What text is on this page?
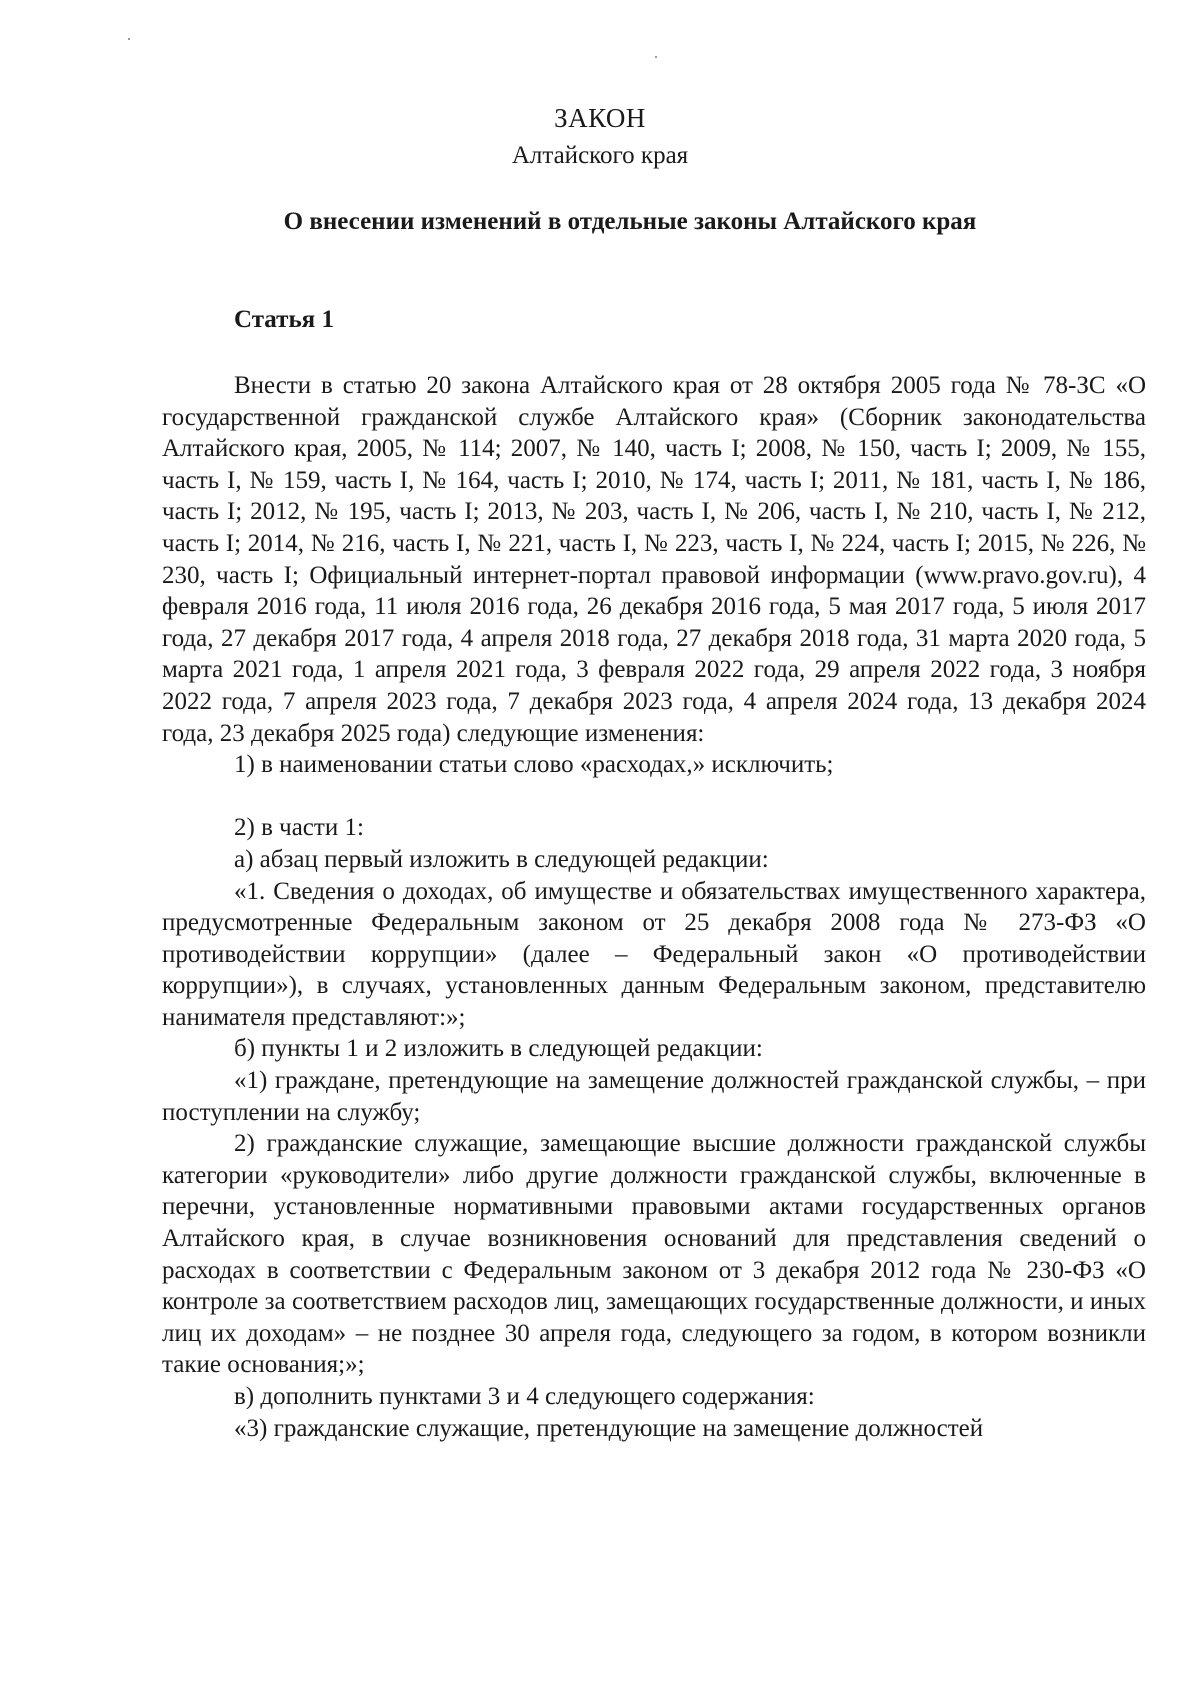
ЗАКОН
Алтайского края
О внесении изменений в отдельные законы Алтайского края
Статья 1

Внести в статью 20 закона Алтайского края от 28 октября 2005 года № 78-ЗС «О государственной гражданской службе Алтайского края» (Сборник законодательства Алтайского края, 2005, № 114; 2007, № 140, часть I; 2008, № 150, часть I; 2009, № 155, часть I, № 159, часть I, № 164, часть I; 2010, № 174, часть I; 2011, № 181, часть I, № 186, часть I; 2012, № 195, часть I; 2013, № 203, часть I, № 206, часть I, № 210, часть I, № 212, часть I; 2014, № 216, часть I, № 221, часть I, № 223, часть I, № 224, часть I; 2015, № 226, № 230, часть I; Официальный интернет-портал правовой информации (www.pravo.gov.ru), 4 февраля 2016 года, 11 июля 2016 года, 26 декабря 2016 года, 5 мая 2017 года, 5 июля 2017 года, 27 декабря 2017 года, 4 апреля 2018 года, 27 декабря 2018 года, 31 марта 2020 года, 5 марта 2021 года, 1 апреля 2021 года, 3 февраля 2022 года, 29 апреля 2022 года, 3 ноября 2022 года, 7 апреля 2023 года, 7 декабря 2023 года, 4 апреля 2024 года, 13 декабря 2024 года, 23 декабря 2025 года) следующие изменения:

1) в наименовании статьи слово «расходах,» исключить;

2) в части 1:

а) абзац первый изложить в следующей редакции:

«1. Сведения о доходах, об имуществе и обязательствах имущественного характера, предусмотренные Федеральным законом от 25 декабря 2008 года № 273-ФЗ «О противодействии коррупции» (далее – Федеральный закон «О противодействии коррупции»), в случаях, установленных данным Федеральным законом, представителю нанимателя представляют:»;

б) пункты 1 и 2 изложить в следующей редакции:

«1) граждане, претендующие на замещение должностей гражданской службы, – при поступлении на службу;

2) гражданские служащие, замещающие высшие должности гражданской службы категории «руководители» либо другие должности гражданской службы, включенные в перечни, установленные нормативными правовыми актами государственных органов Алтайского края, в случае возникновения оснований для представления сведений о расходах в соответствии с Федеральным законом от 3 декабря 2012 года № 230-ФЗ «О контроле за соответствием расходов лиц, замещающих государственные должности, и иных лиц их доходам» – не позднее 30 апреля года, следующего за годом, в котором возникли такие основания;»;

в) дополнить пунктами 3 и 4 следующего содержания:

«3) гражданские служащие, претендующие на замещение должностей
